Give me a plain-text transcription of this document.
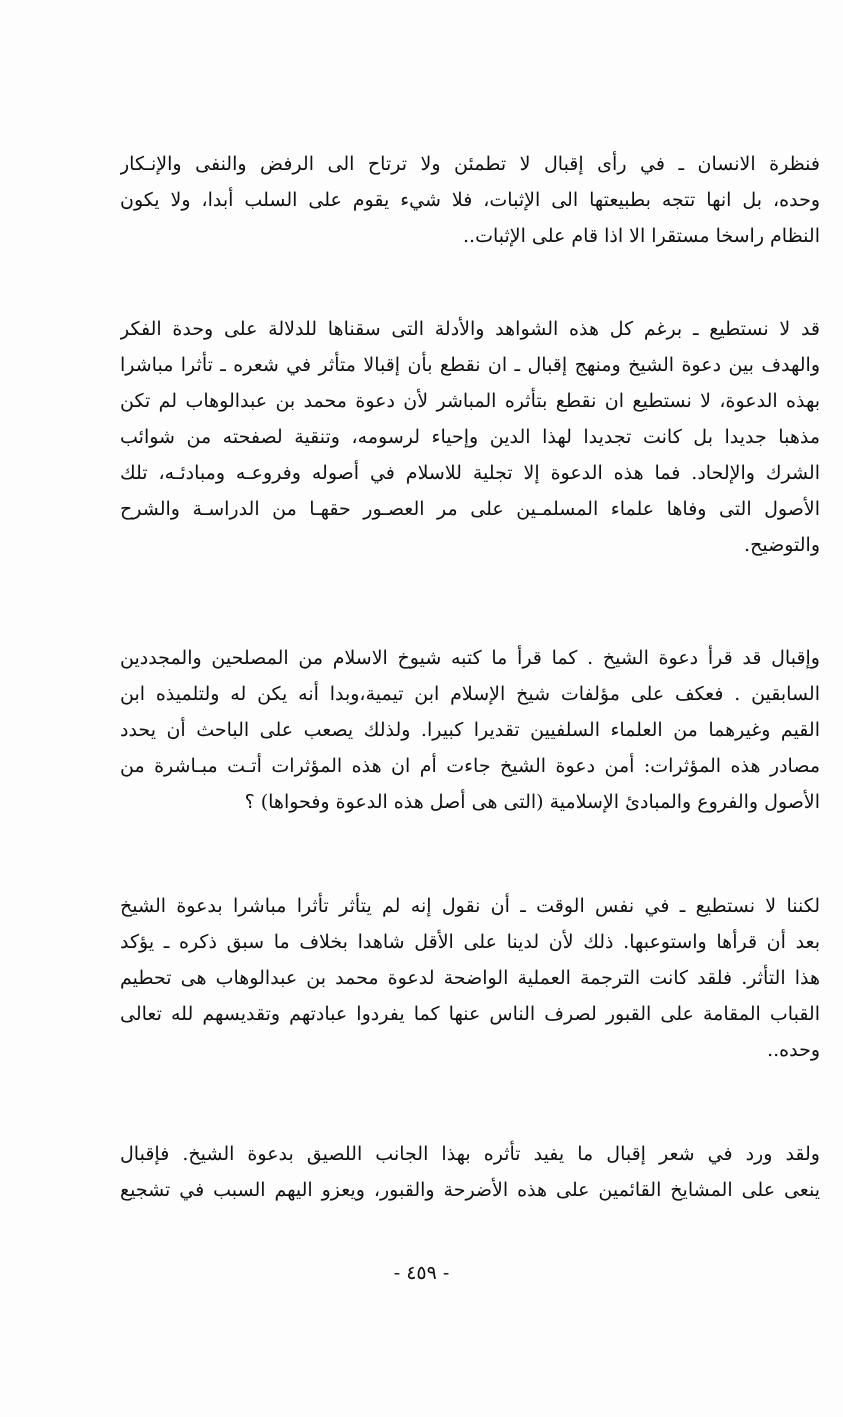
فنظرة الانسان ـ في رأى إقبال لا تطمئن ولا ترتاح الى الرفض والنفى والإنـكار
وحده، بل انها تتجه بطبيعتها الى الإثبات، فلا شيء يقوم على السلب أبدا، ولا يكون
النظام راسخا مستقرا الا اذا قام على الإثبات..
قد لا نستطيع ـ برغم كل هذه الشواهد والأدلة التى سقناها للدلالة على وحدة الفكر
والهدف بين دعوة الشيخ ومنهج إقبال ـ ان نقطع بأن إقبالا متأثر في شعره ـ تأثرا مباشرا
بهذه الدعوة، لا نستطيع ان نقطع بتأثره المباشر لأن دعوة محمد بن عبدالوهاب لم تكن
مذهبا جديدا بل كانت تجديدا لهذا الدين وإحياء لرسومه، وتنقية لصفحته من شوائب
الشرك والإلحاد. فما هذه الدعوة إلا تجلية للاسلام في أصوله وفروعـه ومبادئـه، تلك
الأصول التى وفاها علماء المسلمـين على مر العصـور حقهـا من الدراسـة والشرح
والتوضيح.
وإقبال قد قرأ دعوة الشيخ . كما قرأ ما كتبه شيوخ الاسلام من المصلحين والمجددين
السابقين . فعكف على مؤلفات شيخ الإسلام ابن تيمية،وبدا أنه يكن له ولتلميذه ابن
القيم وغيرهما من العلماء السلفيين تقديرا كبيرا. ولذلك يصعب على الباحث أن يحدد
مصادر هذه المؤثرات: أمن دعوة الشيخ جاءت أم ان هذه المؤثرات أتـت مبـاشرة من
الأصول والفروع والمبادئ الإسلامية (التى هى أصل هذه الدعوة وفحواها) ؟
لكننا لا نستطيع ـ في نفس الوقت ـ أن نقول إنه لم يتأثر تأثرا مباشرا بدعوة الشيخ
بعد أن قرأها واستوعبها. ذلك لأن لدينا على الأقل شاهدا بخلاف ما سبق ذكره ـ يؤكد
هذا التأثر. فلقد كانت الترجمة العملية الواضحة لدعوة محمد بن عبدالوهاب هى تحطيم
القباب المقامة على القبور لصرف الناس عنها كما يفردوا عبادتهم وتقديسهم لله تعالى
وحده..
ولقد ورد في شعر إقبال ما يفيد تأثره بهذا الجانب اللصيق بدعوة الشيخ. فإقبال
ينعى على المشايخ القائمين على هذه الأضرحة والقبور، ويعزو اليهم السبب في تشجيع
- ٤٥٩ -
